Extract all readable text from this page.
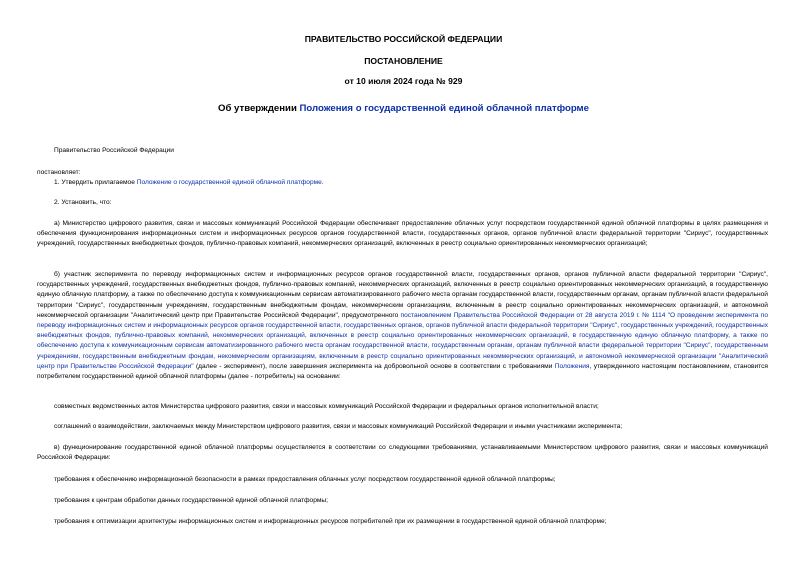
ПРАВИТЕЛЬСТВО РОССИЙСКОЙ ФЕДЕРАЦИИ
ПОСТАНОВЛЕНИЕ
от 10 июля 2024 года № 929
Об утверждении Положения о государственной единой облачной платформе

Правительство Российской Федерации

постановляет:

1. Утвердить прилагаемое Положение о государственной единой облачной платформе.

2. Установить, что:

а) Министерство цифрового развития, связи и массовых коммуникаций Российской Федерации обеспечивает предоставление облачных услуг посредством государственной единой облачной платформы в целях размещения и обеспечения функционирования информационных систем и информационных ресурсов органов государственной власти, государственных органов, органов публичной власти федеральной территории "Сириус", государственных учреждений, государственных внебюджетных фондов, публично-правовых компаний, некоммерческих организаций, включенных в реестр социально ориентированных некоммерческих организаций;

б) участник эксперимента по переводу информационных систем и информационных ресурсов органов государственной власти, государственных органов, органов публичной власти федеральной территории "Сириус", государственных учреждений, государственных внебюджетных фондов, публично-правовых компаний, некоммерческих организаций, включенных в реестр социально ориентированных некоммерческих организаций, в государственную единую облачную платформу, а также по обеспечению доступа к коммуникационным сервисам автоматизированного рабочего места органам государственной власти, государственным органам, органам публичной власти федеральной территории "Сириус", государственным учреждениям, государственным внебюджетным фондам, некоммерческим организациям, включенным в реестр социально ориентированных некоммерческих организаций, и автономной некоммерческой организации "Аналитический центр при Правительстве Российской Федерации", предусмотренного постановлением Правительства Российской Федерации от 28 августа 2019 г. № 1114 "О проведении эксперимента по переводу информационных систем и информационных ресурсов органов государственной власти, государственных органов, органов публичной власти федеральной территории "Сириус", государственных учреждений, государственных внебюджетных фондов, публично-правовых компаний, некоммерческих организаций, включенных в реестр социально ориентированных некоммерческих организаций, в государственную единую облачную платформу, а также по обеспечению доступа к коммуникационным сервисам автоматизированного рабочего места органам государственной власти, государственным органам, органам публичной власти федеральной территории "Сириус", государственным учреждениям, государственным внебюджетным фондам, некоммерческим организациям, включенным в реестр социально ориентированных некоммерческих организаций, и автономной некоммерческой организации "Аналитический центр при Правительстве Российской Федерации" (далее - эксперимент), после завершения эксперимента на добровольной основе в соответствии с требованиями Положения, утвержденного настоящим постановлением, становится потребителем государственной единой облачной платформы (далее - потребитель) на основании:

совместных ведомственных актов Министерства цифрового развития, связи и массовых коммуникаций Российской Федерации и федеральных органов исполнительной власти;

соглашений о взаимодействии, заключаемых между Министерством цифрового развития, связи и массовых коммуникаций Российской Федерации и иными участниками эксперимента;

в) функционирование государственной единой облачной платформы осуществляется в соответствии со следующими требованиями, устанавливаемыми Министерством цифрового развития, связи и массовых коммуникаций Российской Федерации:

требования к обеспечению информационной безопасности в рамках предоставления облачных услуг посредством государственной единой облачной платформы;

требования к центрам обработки данных государственной единой облачной платформы;

требования к оптимизации архитектуры информационных систем и информационных ресурсов потребителей при их размещении в государственной единой облачной платформе;
